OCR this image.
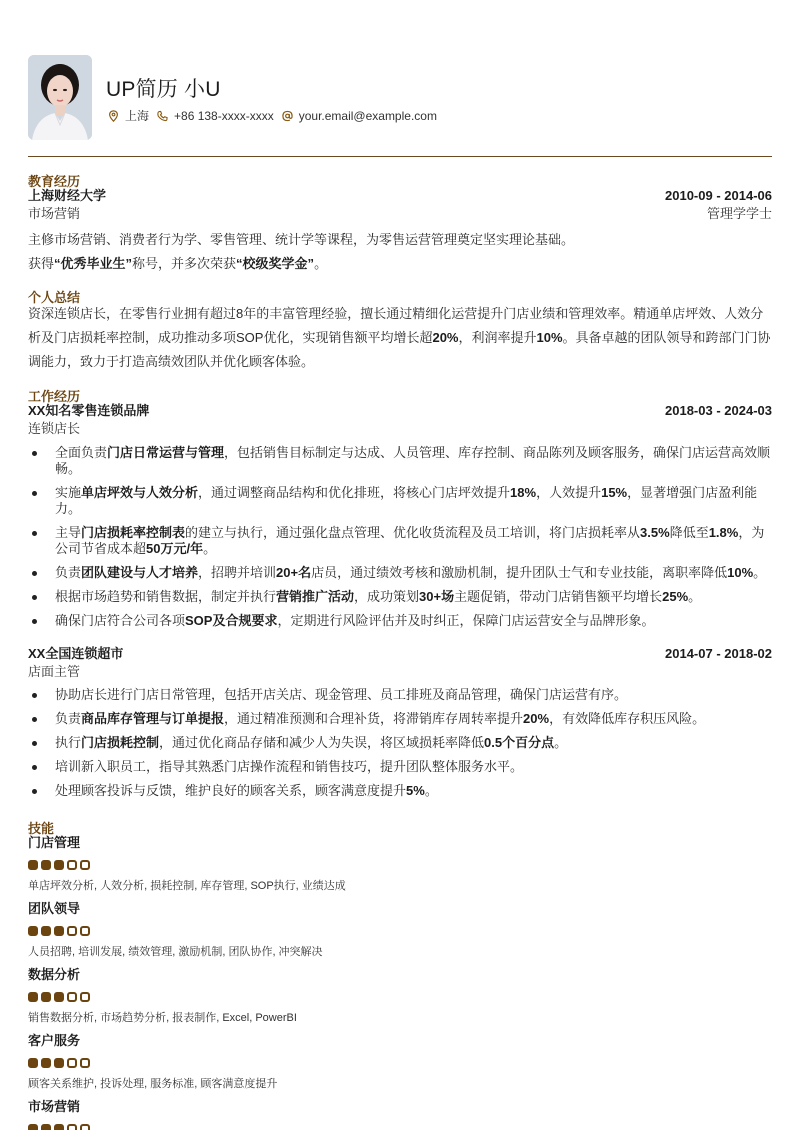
UP简历 小U
上海 +86 138-xxxx-xxxx your.email@example.com
教育经历
上海财经大学	2010-09 - 2014-06
市场营销	管理学学士
主修市场营销、消费者行为学、零售管理、统计学等课程，为零售运营管理奠定坚实理论基础。
获得“优秀毕业生”称号，并多次荣获“校级奖学金”。
个人总结
资深连锁店长，在零售行业拥有超过8年的丰富管理经验，擅长通过精细化运营提升门店业绩和管理效率。精通单店坪效、人效分析及门店损耗率控制，成功推动多项SOP优化，实现销售额平均增长超20%，利润率提升10%。具备卓越的团队领导和跨部门门协调能力，致力于打造高绩效团队并优化顾客体验。
工作经历
XX知名零售连锁品牌	2018-03 - 2024-03
连锁店长
全面负责门店日常运营与管理，包括销售目标制定与达成、人员管理、库存控制、商品陈列及顾客服务，确保门店运营高效顺畅。
实施单店坪效与人效分析，通过调整商品结构和优化排班，将核心门店坪效提升18%，人效提升15%，显著增强门店盈利能力。
主导门店损耗率控制表的建立与执行，通过强化盘点管理、优化收货流程及员工培训，将门店损耗率从3.5%降低至1.8%，为公司节省成本超50万元/年。
负责团队建设与人才培养，招聘并培训20+名店员，通过绩效考核和激励机制，提升团队士气和专业技能，离职率降低10%。
根据市场趋势和销售数据，制定并执行营销推广活动，成功策划30+场主题促销，带动门店销售额平均增长25%。
确保门店符合公司各项SOP及合规要求，定期进行风险评估并及时纠正，保障门店运营安全与品牌形象。
XX全国连锁超市	2014-07 - 2018-02
店面主管
协助店长进行门店日常管理，包括开店关店、现金管理、员工排班及商品管理，确保门店运营有序。
负责商品库存管理与订单提报，通过精准预测和合理补货，将滞销库存周转率提升20%，有效降低库存积压风险。
执行门店损耗控制，通过优化商品存储和减少人为失误，将区域损耗率降低0.5个百分点。
培训新入职员工，指导其熟悉门店操作流程和销售技巧，提升团队整体服务水平。
处理顾客投诉与反馈，维护良好的顾客关系，顾客满意度提升5%。
技能
门店管理
单店坪效分析, 人效分析, 损耗控制, 库存管理, SOP执行, 业绩达成
团队领导
人员招聘, 培训发展, 绩效管理, 激励机制, 团队协作, 冲突解决
数据分析
销售数据分析, 市场趋势分析, 报表制作, Excel, PowerBI
客户服务
顾客关系维护, 投诉处理, 服务标准, 顾客满意度提升
市场营销
